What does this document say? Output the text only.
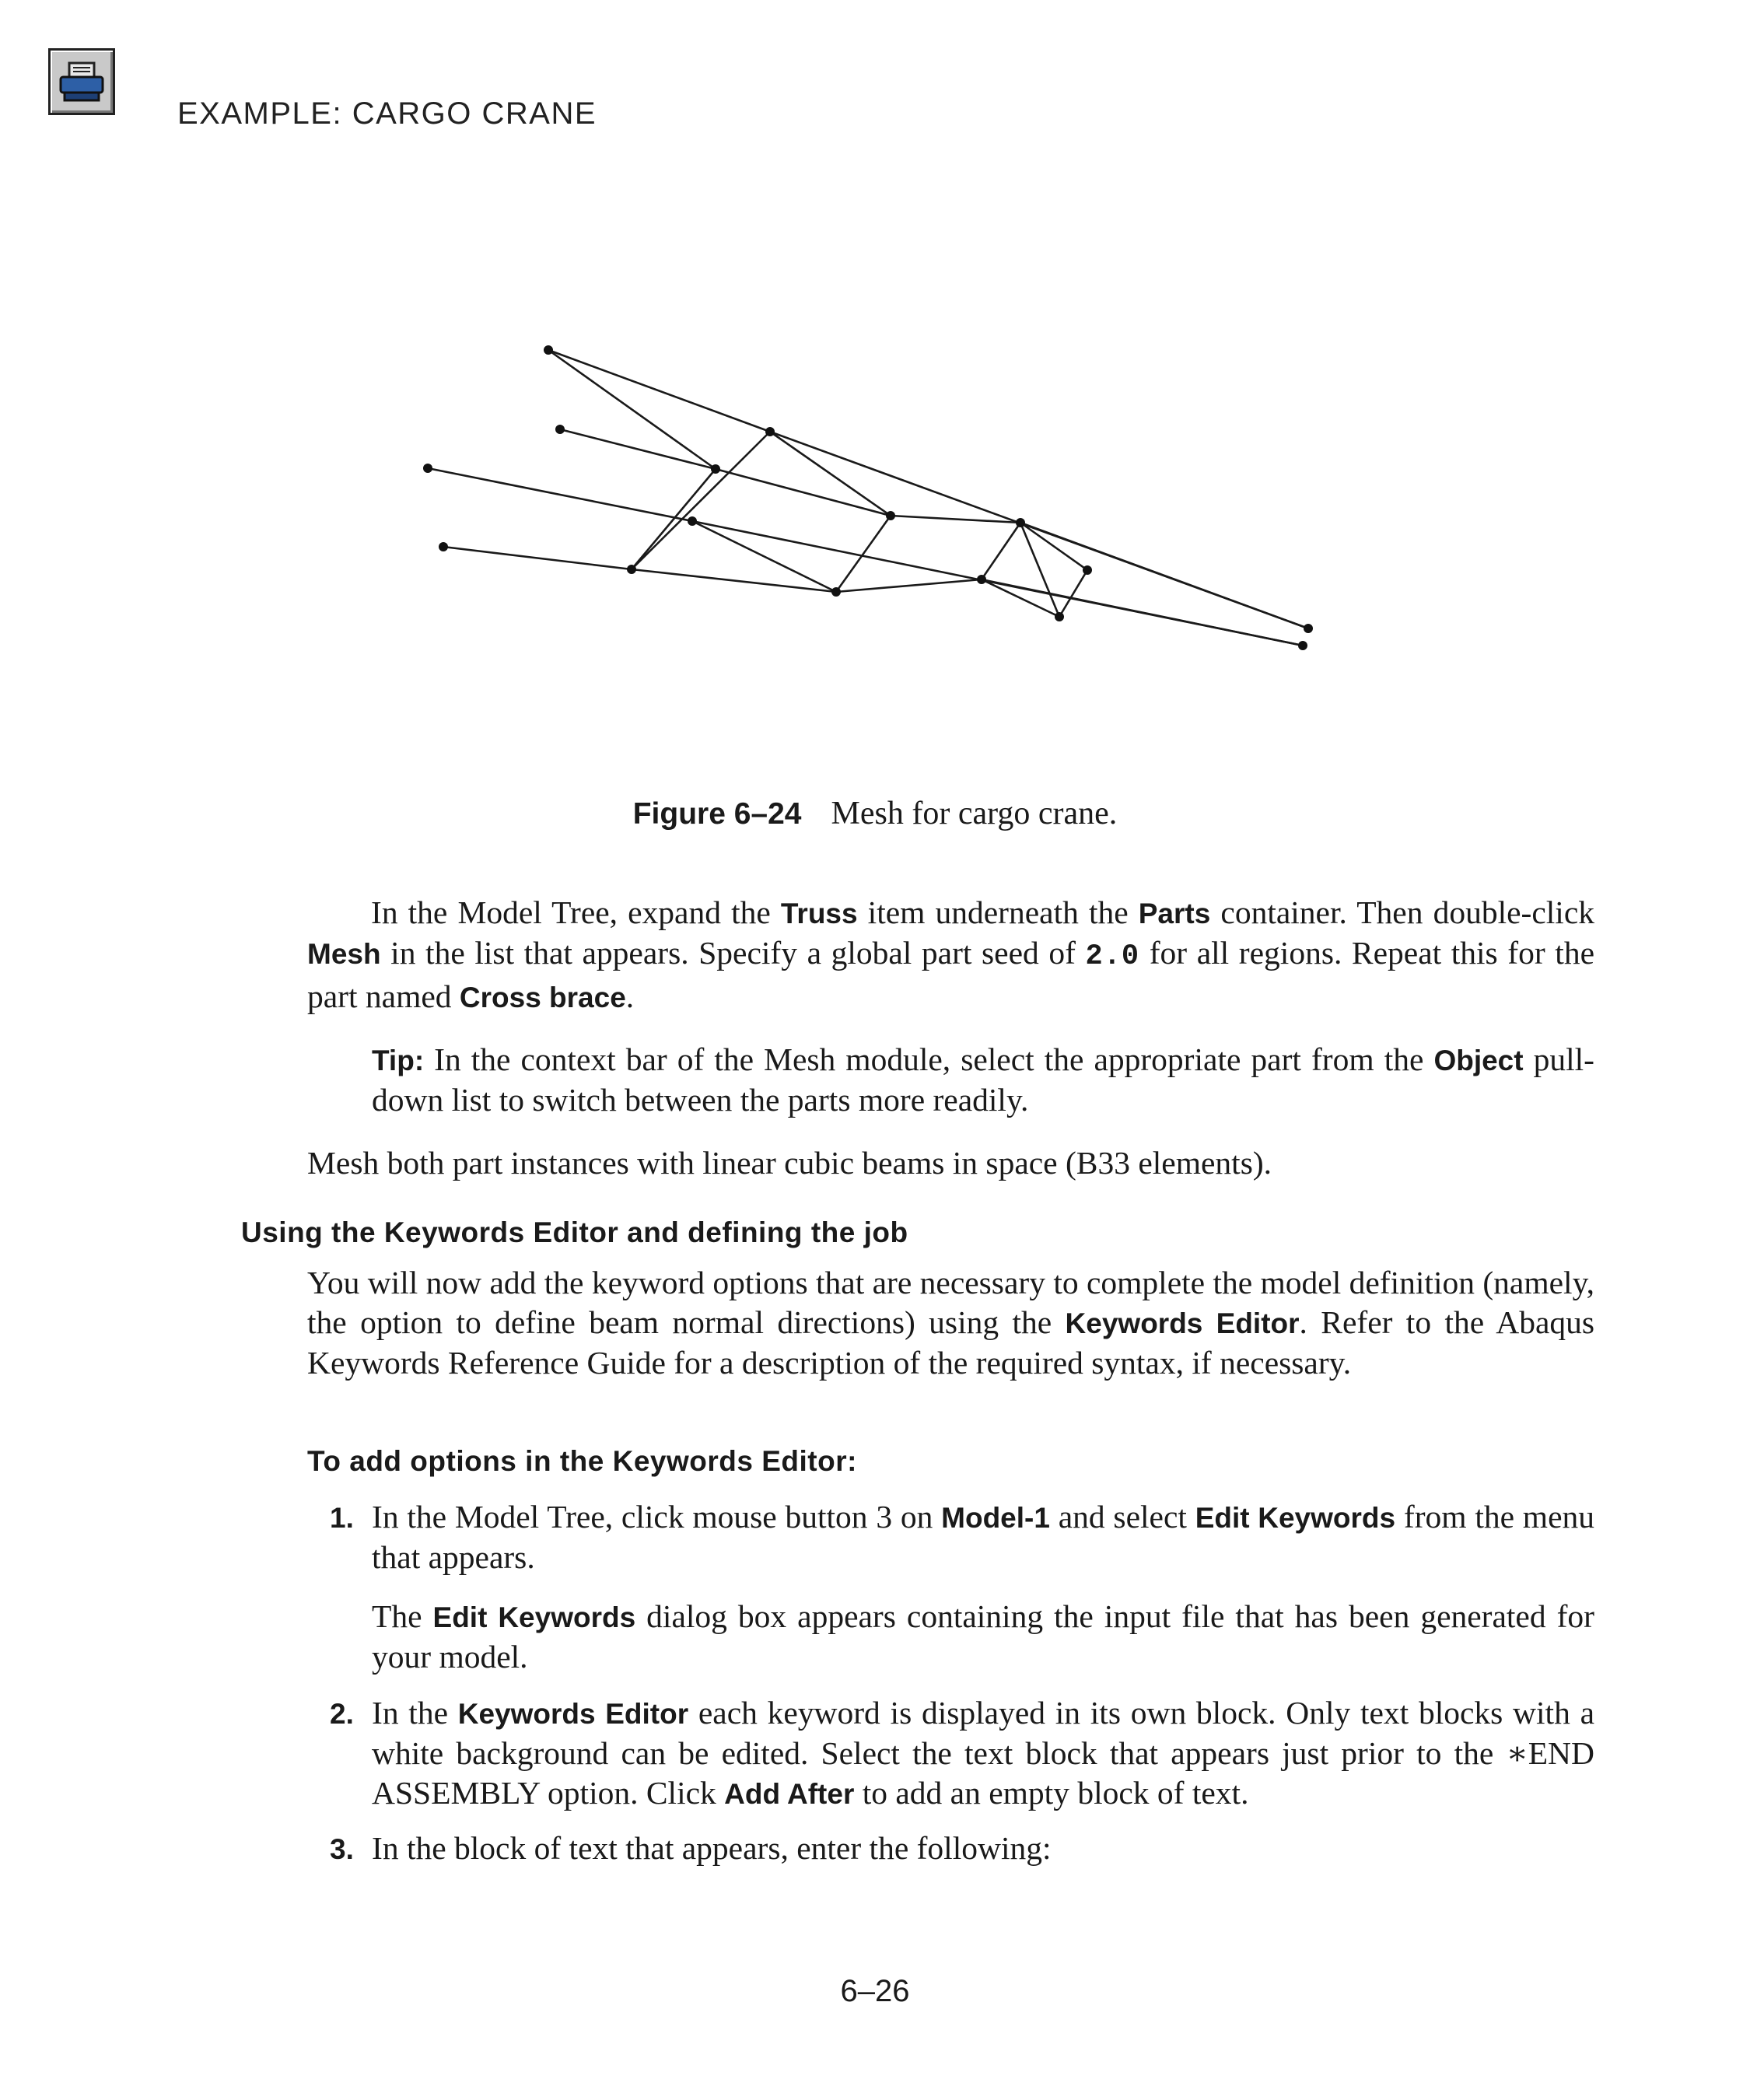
EXAMPLE: CARGO CRANE
Figure 6–24 Mesh for cargo crane.
In the Model Tree, expand the Truss item underneath the Parts container. Then double-click Mesh in the list that appears. Specify a global part seed of 2.0 for all regions. Repeat this for the part named Cross brace.
Tip: In the context bar of the Mesh module, select the appropriate part from the Object pull-down list to switch between the parts more readily.
Mesh both part instances with linear cubic beams in space (B33 elements).
Using the Keywords Editor and defining the job
You will now add the keyword options that are necessary to complete the model definition (namely, the option to define beam normal directions) using the Keywords Editor. Refer to the Abaqus Keywords Reference Guide for a description of the required syntax, if necessary.
To add options in the Keywords Editor:
1. In the Model Tree, click mouse button 3 on Model-1 and select Edit Keywords from the menu that appears.
The Edit Keywords dialog box appears containing the input file that has been generated for your model.
2. In the Keywords Editor each keyword is displayed in its own block. Only text blocks with a white background can be edited. Select the text block that appears just prior to the ∗END ASSEMBLY option. Click Add After to add an empty block of text.
3. In the block of text that appears, enter the following:
6–26
